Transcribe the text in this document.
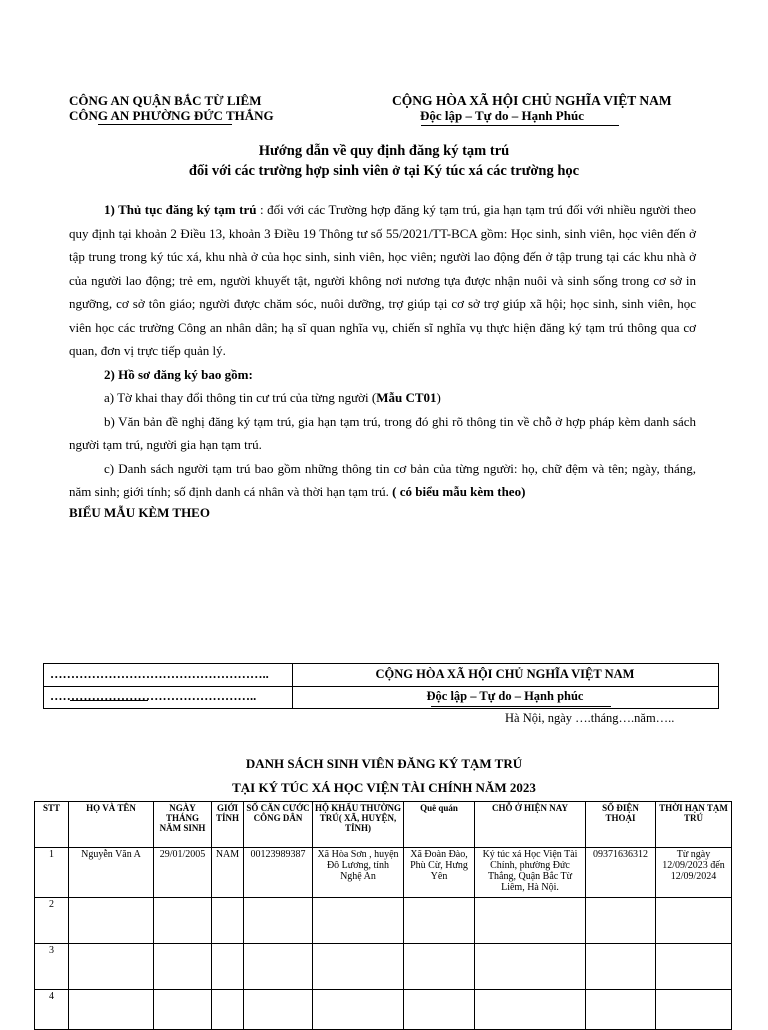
CÔNG AN QUẬN BẮC TỪ LIÊM
CÔNG AN PHƯỜNG ĐỨC THẮNG
CỘNG HÒA XÃ HỘI CHỦ NGHĨA VIỆT NAM
Độc lập – Tự do – Hạnh Phúc
Hướng dẫn về quy định đăng ký tạm trú
đối với các trường hợp sinh viên ở tại Ký túc xá các trường học

1) Thủ tục đăng ký tạm trú : đối với các Trường hợp đăng ký tạm trú, gia hạn tạm trú đối với nhiều người theo quy định tại khoản 2 Điều 13, khoản 3 Điều 19 Thông tư số 55/2021/TT-BCA gồm: Học sinh, sinh viên, học viên đến ở tập trung trong ký túc xá, khu nhà ở của học sinh, sinh viên, học viên; người lao động đến ở tập trung tại các khu nhà ở của người lao động; trẻ em, người khuyết tật, người không nơi nương tựa được nhận nuôi và sinh sống trong cơ sở in ngưỡng, cơ sở tôn giáo; người được chăm sóc, nuôi dưỡng, trợ giúp tại cơ sở trợ giúp xã hội; học sinh, sinh viên, học viên học các trường Công an nhân dân; hạ sĩ quan nghĩa vụ, chiến sĩ nghĩa vụ thực hiện đăng ký tạm trú thông qua cơ quan, đơn vị trực tiếp quản lý.

2) Hồ sơ đăng ký bao gồm:

a) Tờ khai thay đổi thông tin cư trú của từng người (Mẫu CT01)

b) Văn bản đề nghị đăng ký tạm trú, gia hạn tạm trú, trong đó ghi rõ thông tin về chỗ ở hợp pháp kèm danh sách người tạm trú, người gia hạn tạm trú.

c) Danh sách người tạm trú bao gồm những thông tin cơ bản của từng người: họ, chữ đệm và tên; ngày, tháng, năm sinh; giới tính; số định danh cá nhân và thời hạn tạm trú. ( có biểu mẫu kèm theo)

BIỂU MẪU KÈM THEO
……………………………………………..
…………………………………………..
CỘNG HÒA XÃ HỘI CHỦ NGHĨA VIỆT NAM
Độc lập – Tự do – Hạnh phúc
Hà Nội, ngày ….tháng….năm…..
DANH SÁCH SINH VIÊN ĐĂNG KÝ TẠM TRÚ
TẠI KÝ TÚC XÁ HỌC VIỆN TÀI CHÍNH NĂM 2023
STT	HỌ VÀ TÊN	NGÀY THÁNG NĂM SINH	GIỚI TÍNH	SỐ CĂN CƯỚC CÔNG DÂN	HỘ KHẨU THƯỜNG TRÚ( XÃ, HUYỆN, TỈNH)	Quê quán	CHỖ Ở HIỆN NAY	SỐ ĐIỆN THOẠI	THỜI HẠN TẠM TRÚ
1	Nguyễn Văn A	29/01/2005	NAM	00123989387	Xã Hòa Sơn , huyện Đô Lương, tỉnh Nghệ An	Xã Đoàn Đào, Phù Cừ, Hưng Yên	Ký túc xá Học Viện Tài Chính, phường Đức Thắng, Quận Bắc Từ Liêm, Hà Nội.	09371636312	Từ ngày 12/09/2023 đến 12/09/2024
2									
3									
4									
